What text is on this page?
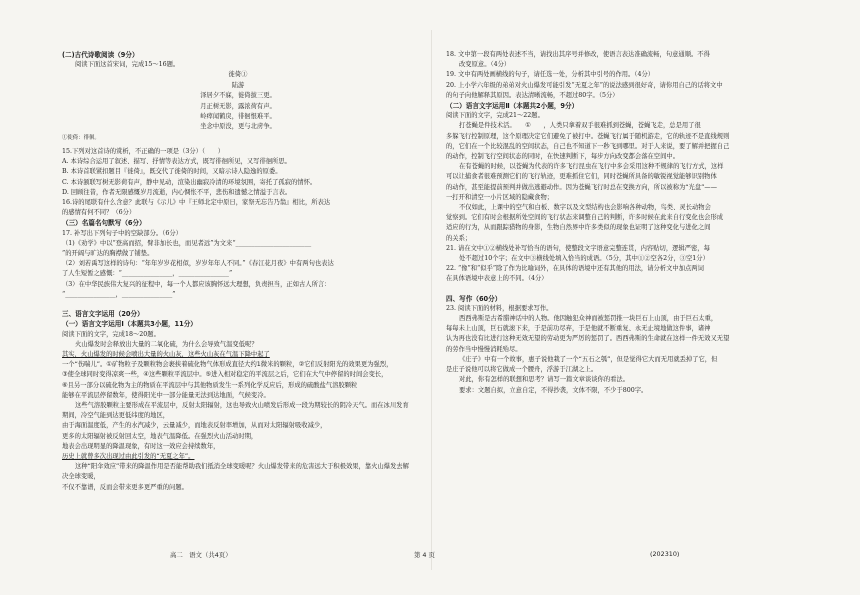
(二)古代诗歌阅读（9分）
阅读下面这首宋词，完成15～16题。
徙倚①
陆游
泽居夕不寐，徙倚拔三更。
月正树无影，露浓荷有声。
岭瘁闻鹤戾，徘徊恨难平。
坐念中原没，更与北虏争。
①徙倚：徘徊。
15.下列对这首诗的赏析，不正确的一项是（3分）（　　）
A. 本诗综合运用了叙述、描写、抒情等表达方式，既写徘徊所见，又写徘徊所思。
B. 本诗首联紧扣题目『徙倚』，既交代了徙倚的时间，又暗示诗人隐逸的原委。
C. 本诗颔联写树无影荷有声，静中见动，渲染出幽寂冷清的环境氛围，寄托了孤寂的情怀。
D. 回顾往昔，作者无限感慨岁月流逝，内心惆怅不平，悲伤和遗憾之情溢于言表。
16.诗的尾联有什么含意？此联与《示儿》中『王师北定中原日，家祭无忘告乃翁』相比，所表达
的感情有何不同？（6分）
（三）名篇名句默写（6分）
17. 补写出下列句子中的空缺部分。（6分）
（1)《劝学》中以“登高而招，臂非加长也，而见者远”为文来“________________________
”的开阔与旷达的胸襟做了铺垫。
（2）刘若禹写这样的诗句：“年年岁岁花相似，岁岁年年人不同。”《春江花月夜》中有两句也表达
了人生短暂之感慨：“________________，________________”
（3）在中华民族伟大复兴的征程中，每一个人都应该胸怀远大理想，负责担当，正如古人所言：
“________________，________________”
三、语言文字运用（20分）
（一）语言文字运用Ⅰ（本题共3小题，11分）
阅读下面的文字，完成18～20题。
火山爆发时会释放出大量的二氧化硫，为什么会导致气温变低呢？
其实，火山爆发的时候会喷出大量的火山灰，这些火山灰在气温下降中起了
一个“伤喘儿”。①矿物粒子及颗粒物会裹挟着硫化物气体形成直径大约1微米的颗粒，②它们反射阳光的效果更为强烈，
③使全球同时变得凉爽一些，④这些颗粒平流层中。⑤进入相对稳定的平流层之后，它们在大气中停留的时间会变长，
⑥且另一部分以硫化物为主的物质在平流层中与其他物质发生一系列化学反应后，形成的硫酸盐气溶胶颗粒
能够在平流层停留数年，使得阳光中一部分能量无法到达地面，气候变冷。
这些气溶胶颗粒主要形成在平流层中，反射太阳辐射，这也导致火山喷发后形成一段为期较长的阴冷天气。而在冰川发育期间，冷空气能到达更低纬度的地区，
由于海面温度低，产生的水汽减少，云量减少，而地表反射率增加，从而对太阳辐射吸收减少，
更多的太阳辐射被反射回太空，地表气温降低。在强烈火山活动时期，
地表会出现明显的降温现象，有时这一效应会持续数年，
历史上就曾多次出现过由此引发的“无夏之年”。
这种“阳伞效应”带来的降温作用是否能帮助我们抵消全球变暖呢？火山爆发带来的危害远大于积极效果，靠火山爆发去解决全球变暖，
不仅不靠谱，反而会带来更多更严重的问题。
18. 文中第一段有两处表述不当，请找出其序号并修改，使语言表达准确流畅，句意通顺。不得
改变原意。（4分）
19. 文中有两处画横线的句子，请任选一处，分析其中引号的作用。（4分）
20. 上小学六年级的弟弟对火山爆发可能引发“无夏之年”的说法感到很好奇，请你用自己的话将文中
的句子向他解释其原因。表达清晰流畅，不超过80字。（5分）
（二）语言文字运用Ⅱ（本题共2小题，9分）
阅读下面的文字，完成21～22题。
打苍蝇是件技术活。　　①　　，人类只拿着双手很难抓到苍蝇，苍蝇飞走，总是用了很
多躲飞行控制原理，这个原理决定它们避免了被打中。苍蝇飞行属于随机游走，它的轨迹不是直线规则
的，它们在一个比较混乱的空间状态，自己也不知道下一秒飞到哪里。对于人来说，要了解并把握自己
的动作，控制飞行空间状态的同时，在快速判断下，每步方向改变都会落在空间中。
在有苍蝇的时候，以苍蝇为代表的许多飞行昆虫在飞行中多会采用这种不规律的飞行方式，这样
可以让捕食者很难预测它们的飞行轨迹，更难抓住它们，同时苍蝇所具备的敏锐视觉能够识别物体
的动作，甚至能提前预判并做出逃避动作。因为苍蝇飞行时总在变换方向，所以被称为“光盘”——
一打开和清空一小片区域的隐藏食物；
不仅如此，上课中的空气和白板、数字以及文型结构也会影响各种动物，鸟类、灵长动物会
觉察到。它们有时会根据所处空间的飞行状态来调整自己的判断，许多时候在此来自行变化也会形成
适应的行为，从而跟踪猎物的身影，生物自然界中许多类似的现象也证明了这种变化与进化之间
的关系；
21. 请在文中①②横线处补写恰当的语句，使整段文字语意完整连贯，内容贴切，逻辑严密，每
处不超过10个字；在文中③横线处填入恰当的成语。（5分，其中①②空各2分，③空1分）
22. “像”和“似乎”除了作为比喻词外，在具体的语境中还有其他的用法，请分析文中加点两词
在具体语境中表意上的不同。（4分）
四、写作（60分）
23. 阅读下面的材料，根据要求写作。
西西弗斯是古希腊神话中的人物。他因触犯众神而被惩罚推一块巨石上山顶，由于巨石太重，
每每未上山顶，巨石就滚下来，于是前功尽弃，于是他就不断重复、永无止境地做这件事，诸神
认为再也没有比进行这种无效无望的劳动更为严厉的惩罚了。西西弗斯的生命就在这样一件无效又无望
的劳作当中慢慢消耗殆尽。
《庄子》中有一个故事，惠子说他栽了一个“五石之瓠”，但是觉得它大而无用就丢掉了它，但
是庄子说他可以将它做成一个腰舟，浮游于江湖之上。
对此，你有怎样的联想和思考？请写一篇文章谈谈你的看法。
要求：文题自拟，立意自定，不得抄袭，文体不限，不少于800字。
高二　语文（共4页）	第 4 页	(202310)
